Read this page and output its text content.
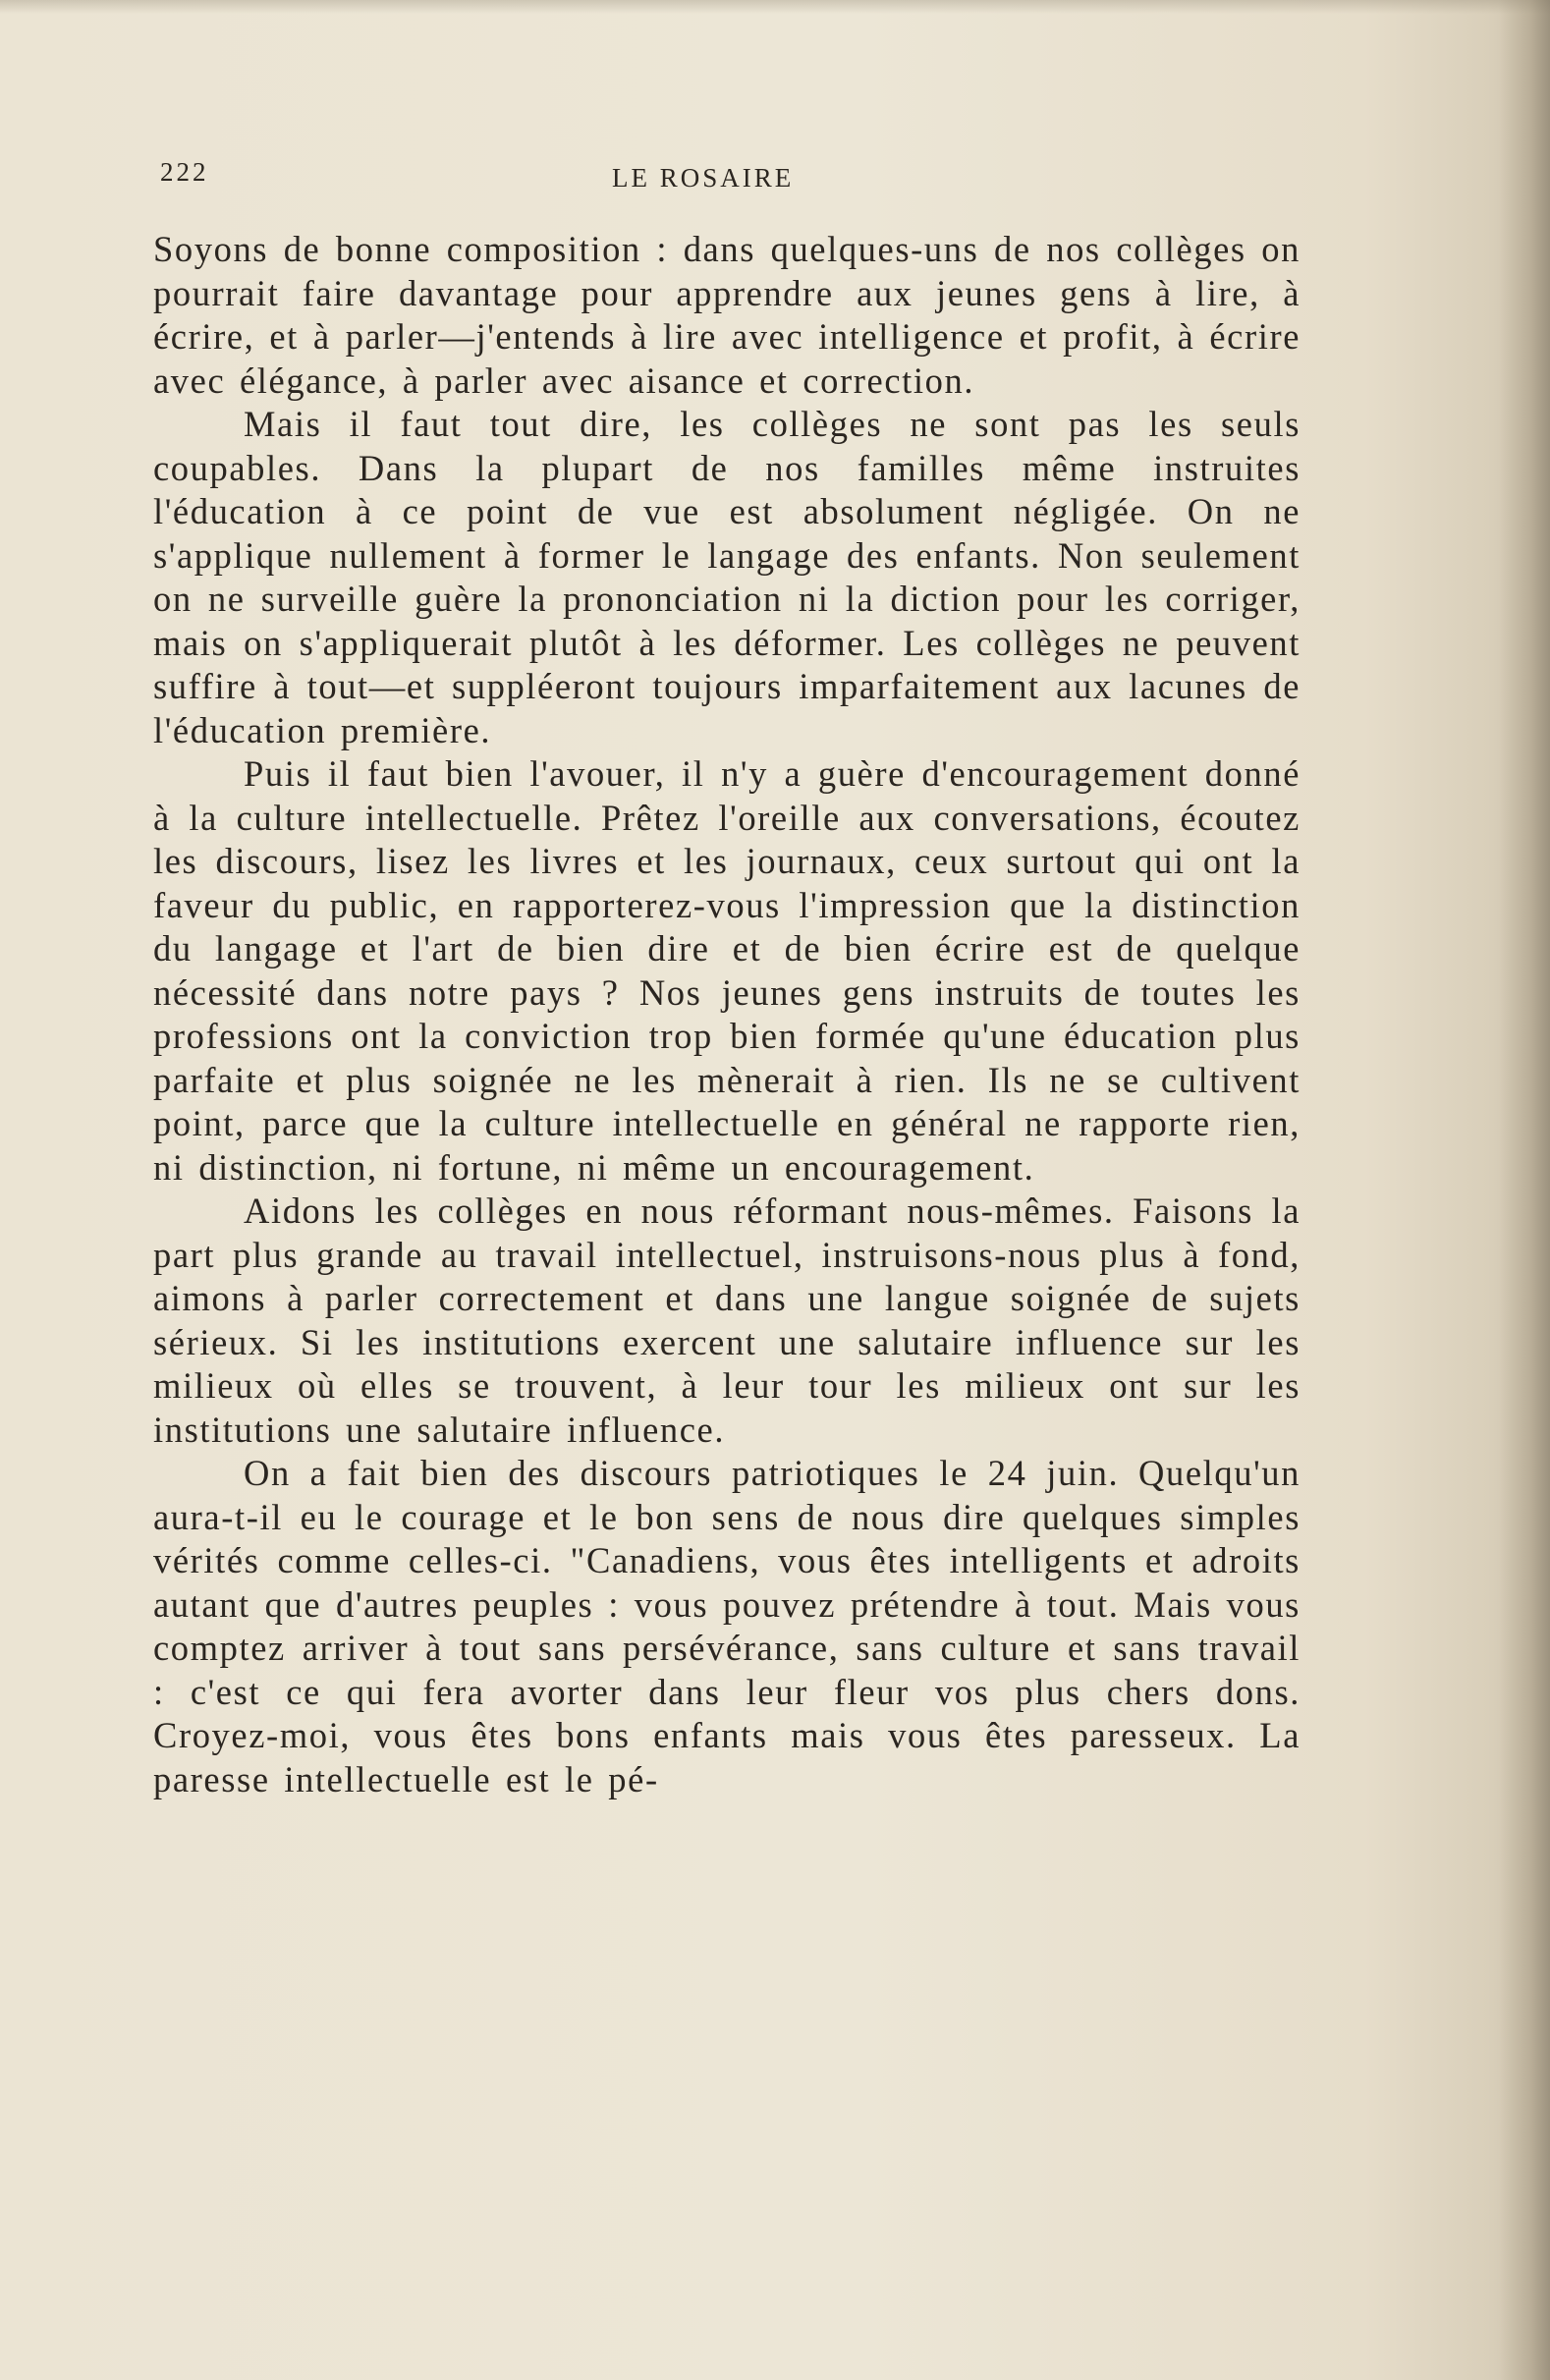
222	LE ROSAIRE

Soyons de bonne composition : dans quelques-uns de nos collèges on pourrait faire davantage pour apprendre aux jeunes gens à lire, à écrire, et à parler—j'entends à lire avec intelligence et profit, à écrire avec élégance, à parler avec aisance et correction.

Mais il faut tout dire, les collèges ne sont pas les seuls coupables. Dans la plupart de nos familles même instruites l'éducation à ce point de vue est absolument négligée. On ne s'applique nullement à former le langage des enfants. Non seulement on ne surveille guère la prononciation ni la diction pour les corriger, mais on s'appliquerait plutôt à les déformer. Les collèges ne peuvent suffire à tout—et suppléeront toujours imparfaitement aux lacunes de l'éducation première.

Puis il faut bien l'avouer, il n'y a guère d'encouragement donné à la culture intellectuelle. Prêtez l'oreille aux conversations, écoutez les discours, lisez les livres et les journaux, ceux surtout qui ont la faveur du public, en rapporterez-vous l'impression que la distinction du langage et l'art de bien dire et de bien écrire est de quelque nécessité dans notre pays ? Nos jeunes gens instruits de toutes les professions ont la conviction trop bien formée qu'une éducation plus parfaite et plus soignée ne les mènerait à rien. Ils ne se cultivent point, parce que la culture intellectuelle en général ne rapporte rien, ni distinction, ni fortune, ni même un encouragement.

Aidons les collèges en nous réformant nous-mêmes. Faisons la part plus grande au travail intellectuel, instruisons-nous plus à fond, aimons à parler correctement et dans une langue soignée de sujets sérieux. Si les institutions exercent une salutaire influence sur les milieux où elles se trouvent, à leur tour les milieux ont sur les institutions une salutaire influence.

On a fait bien des discours patriotiques le 24 juin. Quelqu'un aura-t-il eu le courage et le bon sens de nous dire quelques simples vérités comme celles-ci. "Canadiens, vous êtes intelligents et adroits autant que d'autres peuples : vous pouvez prétendre à tout. Mais vous comptez arriver à tout sans persévérance, sans culture et sans travail : c'est ce qui fera avorter dans leur fleur vos plus chers dons. Croyez-moi, vous êtes bons enfants mais vous êtes paresseux. La paresse intellectuelle est le pé-
